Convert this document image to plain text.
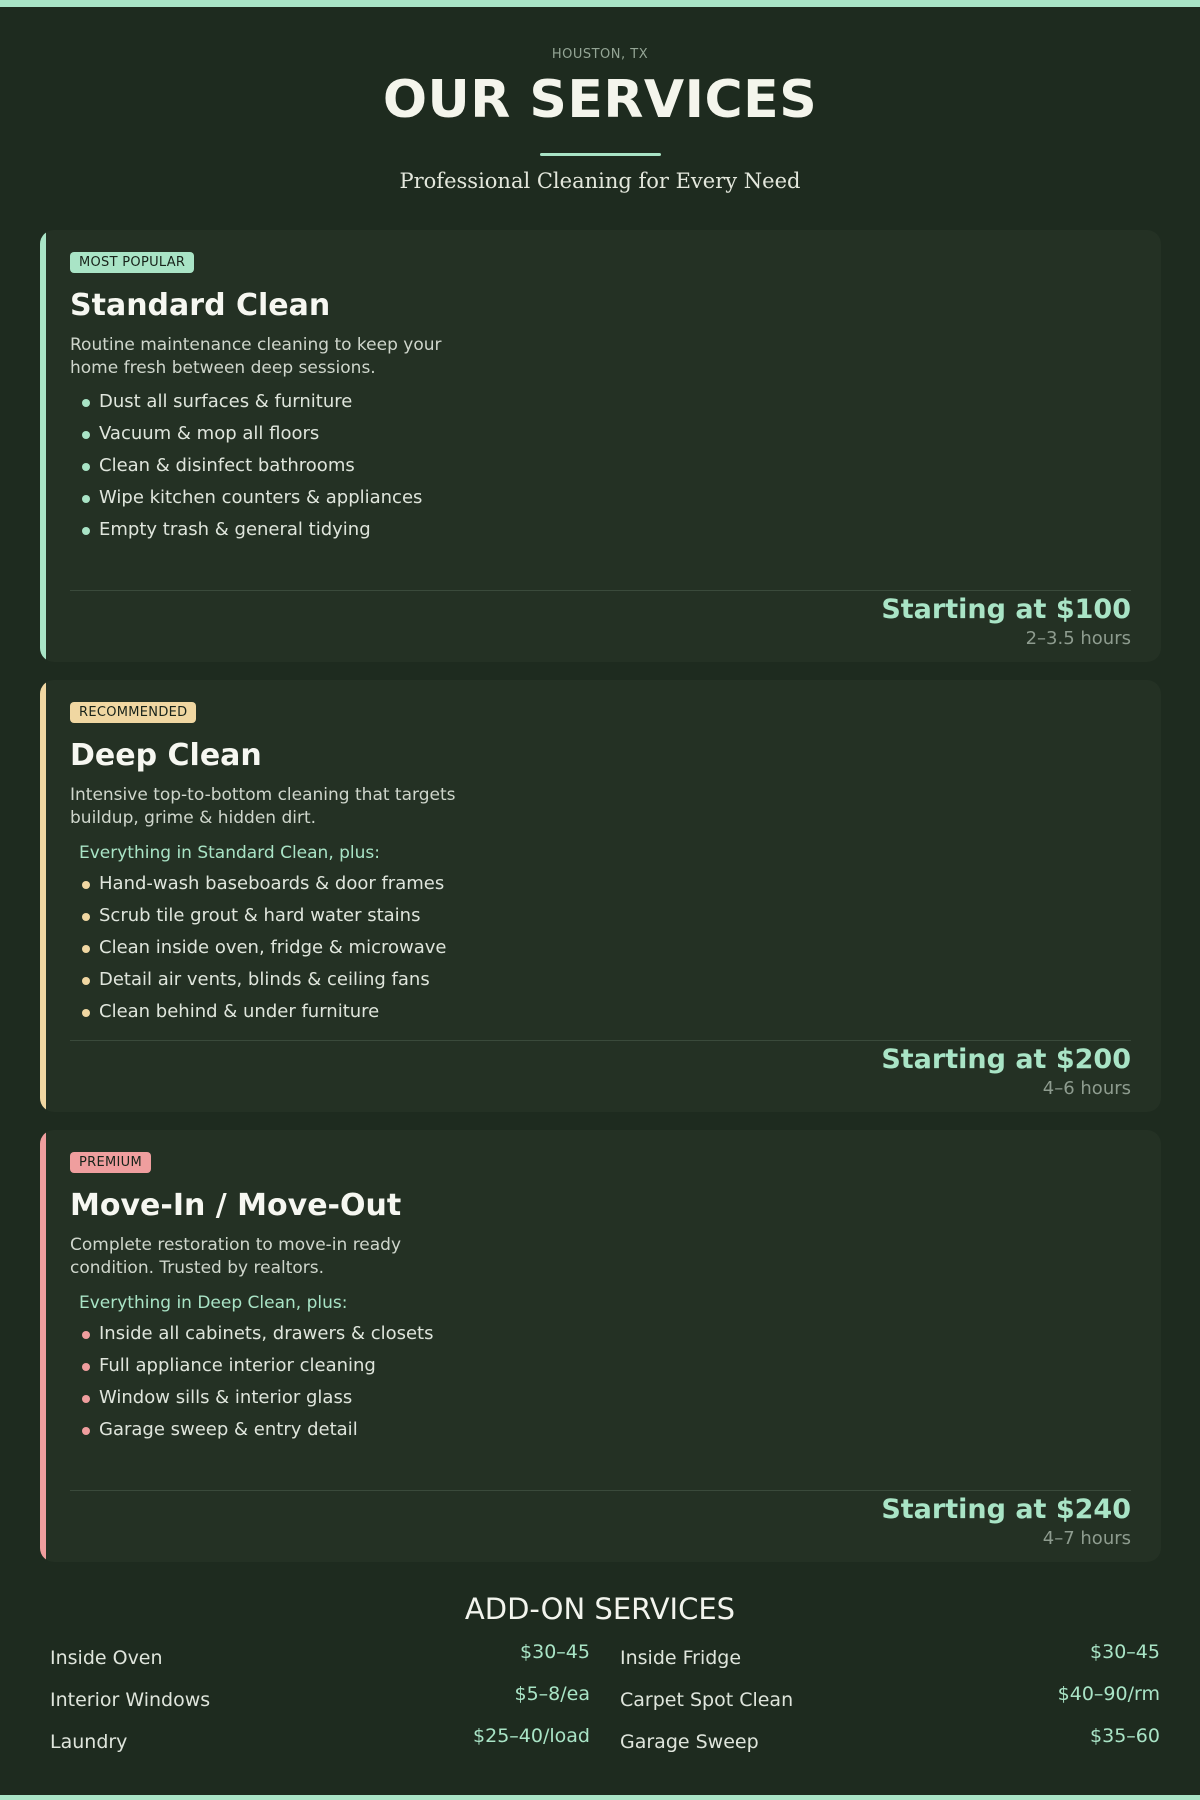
HOUSTON, TX
OUR SERVICES
Professional Cleaning for Every Need
MOST POPULAR
Standard Clean
Routine maintenance cleaning to keep your home fresh between deep sessions.
Dust all surfaces & furniture
Vacuum & mop all floors
Clean & disinfect bathrooms
Wipe kitchen counters & appliances
Empty trash & general tidying
Starting at $100
2–3.5 hours
RECOMMENDED
Deep Clean
Intensive top-to-bottom cleaning that targets buildup, grime & hidden dirt.
Everything in Standard Clean, plus:
Hand-wash baseboards & door frames
Scrub tile grout & hard water stains
Clean inside oven, fridge & microwave
Detail air vents, blinds & ceiling fans
Clean behind & under furniture
Starting at $200
4–6 hours
PREMIUM
Move-In / Move-Out
Complete restoration to move-in ready condition. Trusted by realtors.
Everything in Deep Clean, plus:
Inside all cabinets, drawers & closets
Full appliance interior cleaning
Window sills & interior glass
Garage sweep & entry detail
Starting at $240
4–7 hours
ADD-ON SERVICES
Inside Oven	$30–45 Inside Fridge	$30–45
Interior Windows	$5–8/ea Carpet Spot Clean	$40–90/rm
Laundry	$25–40/load Garage Sweep	$35–60
